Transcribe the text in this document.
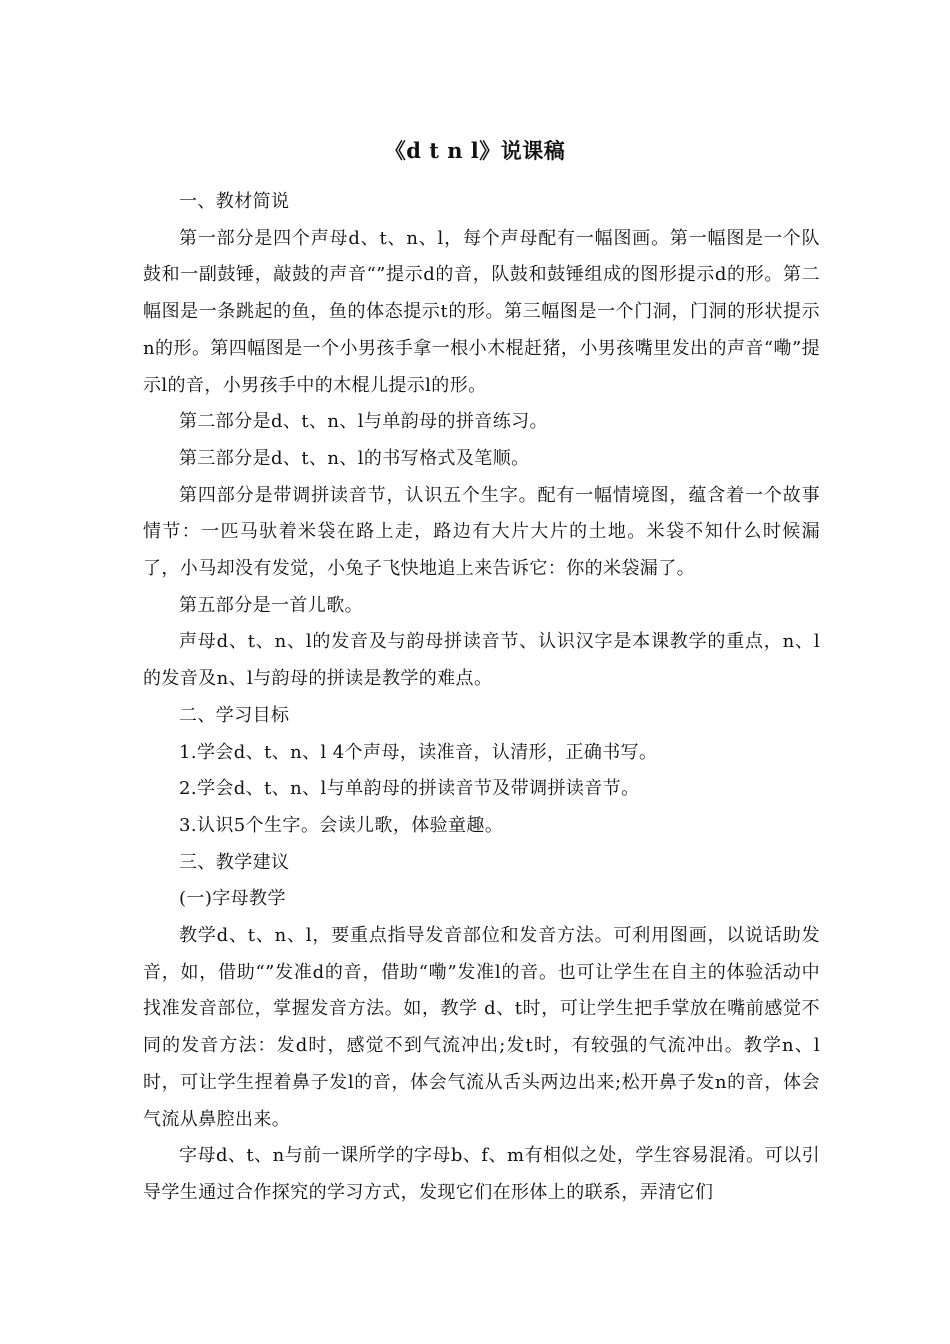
《d t n l》说课稿

一、教材简说

第一部分是四个声母d、t、n、l，每个声母配有一幅图画。第一幅图是一个队鼓和一副鼓锤，敲鼓的声音“”提示d的音，队鼓和鼓锤组成的图形提示d的形。第二幅图是一条跳起的鱼，鱼的体态提示t的形。第三幅图是一个门洞，门洞的形状提示 n的形。第四幅图是一个小男孩手拿一根小木棍赶猪，小男孩嘴里发出的声音“嘞”提示l的音，小男孩手中的木棍儿提示l的形。

第二部分是d、t、n、l与单韵母的拼音练习。

第三部分是d、t、n、l的书写格式及笔顺。

第四部分是带调拼读音节，认识五个生字。配有一幅情境图，蕴含着一个故事情节：一匹马驮着米袋在路上走，路边有大片大片的土地。米袋不知什么时候漏了，小马却没有发觉，小兔子飞快地追上来告诉它：你的米袋漏了。

第五部分是一首儿歌。

声母d、t、n、l的发音及与韵母拼读音节、认识汉字是本课教学的重点，n、l的发音及n、l与韵母的拼读是教学的难点。

二、学习目标

1.学会d、t、n、l 4个声母，读准音，认清形，正确书写。

2.学会d、t、n、l与单韵母的拼读音节及带调拼读音节。

3.认识5个生字。会读儿歌，体验童趣。

三、教学建议

(一)字母教学

教学d、t、n、l，要重点指导发音部位和发音方法。可利用图画，以说话助发音，如，借助“”发准d的音，借助“嘞”发准l的音。也可让学生在自主的体验活动中找准发音部位，掌握发音方法。如，教学 d、t时，可让学生把手掌放在嘴前感觉不同的发音方法：发d时，感觉不到气流冲出;发t时，有较强的气流冲出。教学n、l时，可让学生捏着鼻子发l的音，体会气流从舌头两边出来;松开鼻子发n的音，体会气流从鼻腔出来。

字母d、t、n与前一课所学的字母b、f、m有相似之处，学生容易混淆。可以引导学生通过合作探究的学习方式，发现它们在形体上的联系，弄清它们
